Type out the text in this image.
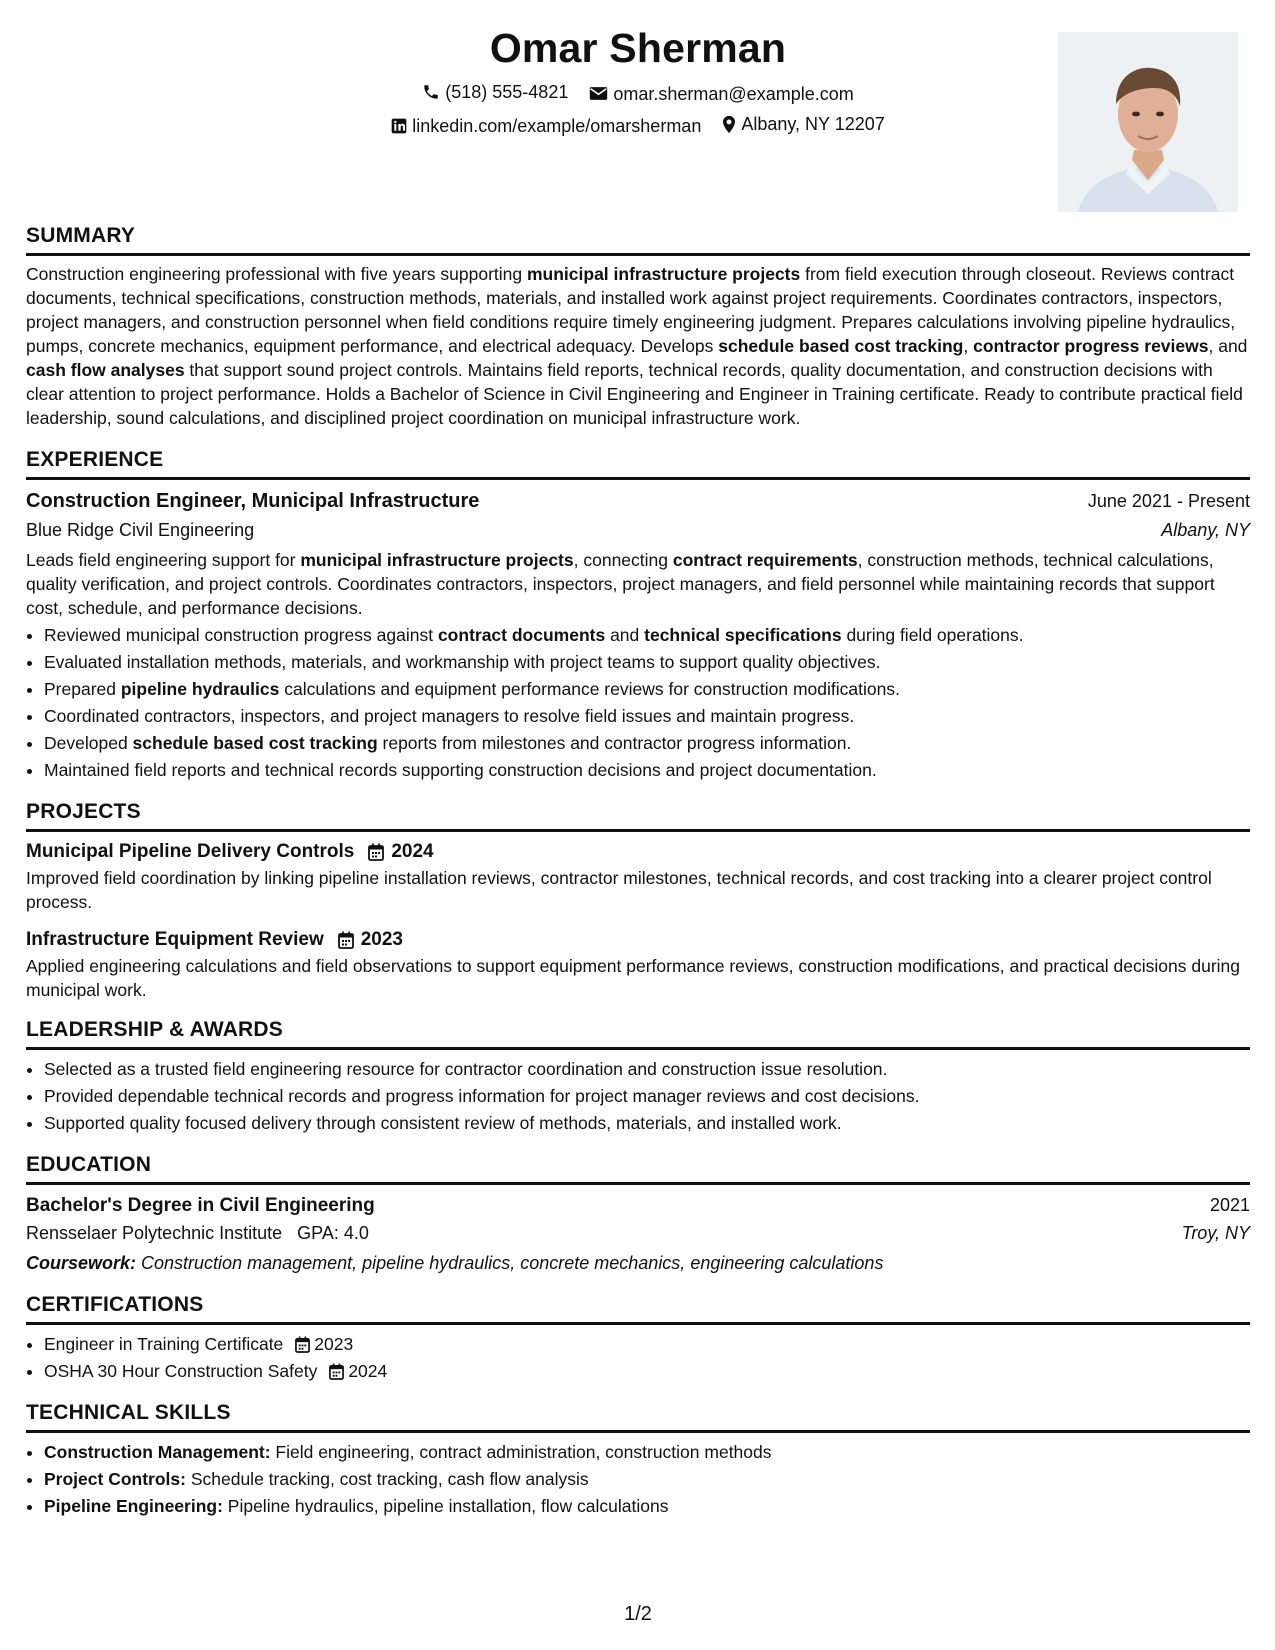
Omar Sherman
(518) 555-4821
	omar.sherman@example.com
linkedin.com/example/omarsherman
Albany, NY 12207
SUMMARY

Construction engineering professional with five years supporting municipal infrastructure projects from field execution through closeout. Reviews contract documents, technical specifications, construction methods, materials, and installed work against project requirements. Coordinates contractors, inspectors, project managers, and construction personnel when field conditions require timely engineering judgment. Prepares calculations involving pipeline hydraulics, pumps, concrete mechanics, equipment performance, and electrical adequacy. Develops schedule based cost tracking, contractor progress reviews, and cash flow analyses that support sound project controls. Maintains field reports, technical records, quality documentation, and construction decisions with clear attention to project performance. Holds a Bachelor of Science in Civil Engineering and Engineer in Training certificate. Ready to contribute practical field leadership, sound calculations, and disciplined project coordination on municipal infrastructure work.

EXPERIENCE
Construction Engineer, Municipal Infrastructure	June 2021 - Present
Blue Ridge Civil Engineering	Albany, NY

Leads field engineering support for municipal infrastructure projects, connecting contract requirements, construction methods, technical calculations, quality verification, and project controls. Coordinates contractors, inspectors, project managers, and field personnel while maintaining records that support cost, schedule, and performance decisions.

• Reviewed municipal construction progress against contract documents and technical specifications during field operations.
• Evaluated installation methods, materials, and workmanship with project teams to support quality objectives.
• Prepared pipeline hydraulics calculations and equipment performance reviews for construction modifications.
• Coordinated contractors, inspectors, and project managers to resolve field issues and maintain progress.
• Developed schedule based cost tracking reports from milestones and contractor progress information.
• Maintained field reports and technical records supporting construction decisions and project documentation.
PROJECTS
Municipal Pipeline Delivery Controls 2024

Improved field coordination by linking pipeline installation reviews, contractor milestones, technical records, and cost tracking into a clearer project control process.

Infrastructure Equipment Review 2023

Applied engineering calculations and field observations to support equipment performance reviews, construction modifications, and practical decisions during municipal work.

LEADERSHIP & AWARDS
• Selected as a trusted field engineering resource for contractor coordination and construction issue resolution.
• Provided dependable technical records and progress information for project manager reviews and cost decisions.
• Supported quality focused delivery through consistent review of methods, materials, and installed work.
EDUCATION
Bachelor's Degree in Civil Engineering	2021
Rensselaer Polytechnic Institute GPA: 4.0	Troy, NY
Coursework: Construction management, pipeline hydraulics, concrete mechanics, engineering calculations
CERTIFICATIONS
• Engineer in Training Certificate 2023
• OSHA 30 Hour Construction Safety 2024
TECHNICAL SKILLS
• Construction Management: Field engineering, contract administration, construction methods
• Project Controls: Schedule tracking, cost tracking, cash flow analysis
• Pipeline Engineering: Pipeline hydraulics, pipeline installation, flow calculations
1/2
